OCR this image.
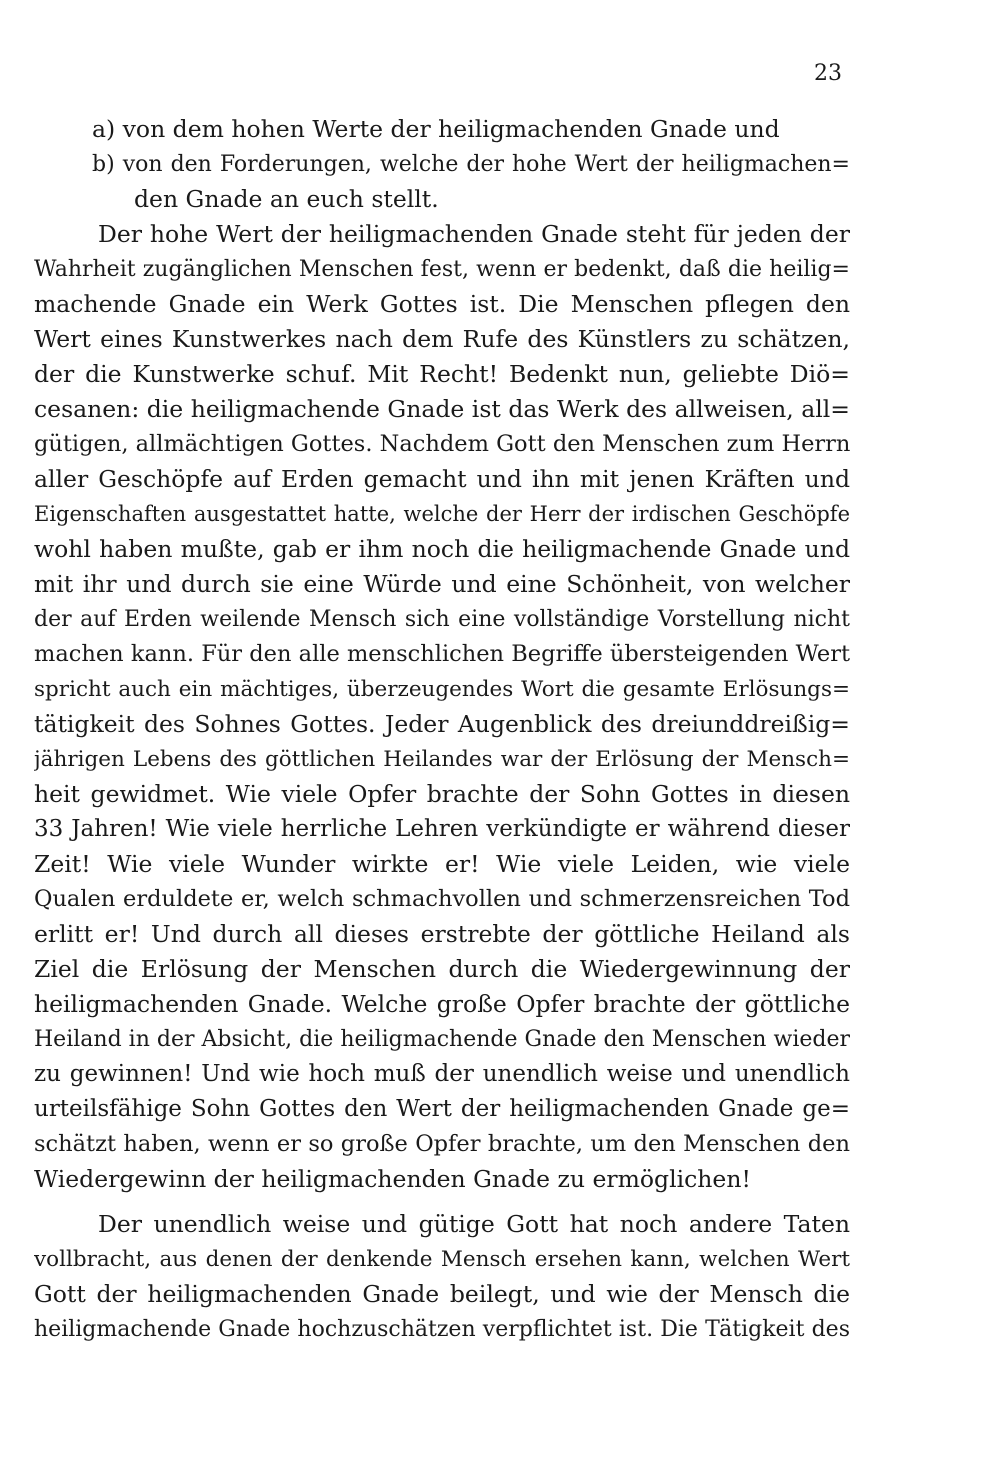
23
a) von dem hohen Werte der heiligmachenden Gnade und
b) von den Forderungen, welche der hohe Wert der heiligmachen=
den Gnade an euch stellt.
Der hohe Wert der heiligmachenden Gnade steht für jeden der
Wahrheit zugänglichen Menschen fest, wenn er bedenkt, daß die heilig=
machende Gnade ein Werk Gottes ist. Die Menschen pflegen den
Wert eines Kunstwerkes nach dem Rufe des Künstlers zu schätzen,
der die Kunstwerke schuf. Mit Recht! Bedenkt nun, geliebte Diö=
cesanen: die heiligmachende Gnade ist das Werk des allweisen, all=
gütigen, allmächtigen Gottes. Nachdem Gott den Menschen zum Herrn
aller Geschöpfe auf Erden gemacht und ihn mit jenen Kräften und
Eigenschaften ausgestattet hatte, welche der Herr der irdischen Geschöpfe
wohl haben mußte, gab er ihm noch die heiligmachende Gnade und
mit ihr und durch sie eine Würde und eine Schönheit, von welcher
der auf Erden weilende Mensch sich eine vollständige Vorstellung nicht
machen kann. Für den alle menschlichen Begriffe übersteigenden Wert
spricht auch ein mächtiges, überzeugendes Wort die gesamte Erlösungs=
tätigkeit des Sohnes Gottes. Jeder Augenblick des dreiunddreißig=
jährigen Lebens des göttlichen Heilandes war der Erlösung der Mensch=
heit gewidmet. Wie viele Opfer brachte der Sohn Gottes in diesen
33 Jahren! Wie viele herrliche Lehren verkündigte er während dieser
Zeit! Wie viele Wunder wirkte er! Wie viele Leiden, wie viele
Qualen erduldete er, welch schmachvollen und schmerzensreichen Tod
erlitt er! Und durch all dieses erstrebte der göttliche Heiland als
Ziel die Erlösung der Menschen durch die Wiedergewinnung der
heiligmachenden Gnade. Welche große Opfer brachte der göttliche
Heiland in der Absicht, die heiligmachende Gnade den Menschen wieder
zu gewinnen! Und wie hoch muß der unendlich weise und unendlich
urteilsfähige Sohn Gottes den Wert der heiligmachenden Gnade ge=
schätzt haben, wenn er so große Opfer brachte, um den Menschen den
Wiedergewinn der heiligmachenden Gnade zu ermöglichen!
Der unendlich weise und gütige Gott hat noch andere Taten
vollbracht, aus denen der denkende Mensch ersehen kann, welchen Wert
Gott der heiligmachenden Gnade beilegt, und wie der Mensch die
heiligmachende Gnade hochzuschätzen verpflichtet ist. Die Tätigkeit des
